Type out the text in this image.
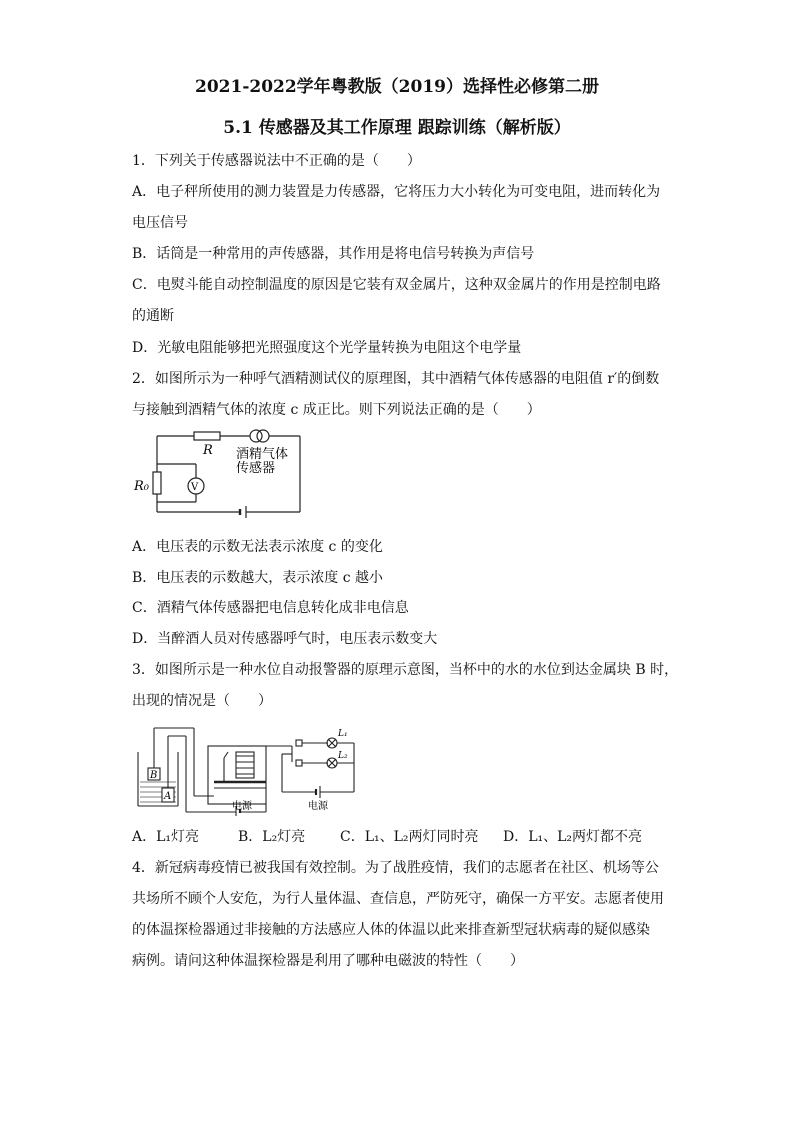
2021-2022学年粤教版（2019）选择性必修第二册
5.1 传感器及其工作原理 跟踪训练（解析版）
1．下列关于传感器说法中不正确的是（　　）
A．电子秤所使用的测力装置是力传感器，它将压力大小转化为可变电阻，进而转化为
电压信号
B．话筒是一种常用的声传感器，其作用是将电信号转换为声信号
C．电熨斗能自动控制温度的原因是它装有双金属片，这种双金属片的作用是控制电路
的通断
D．光敏电阻能够把光照强度这个光学量转换为电阻这个电学量
2．如图所示为一种呼气酒精测试仪的原理图，其中酒精气体传感器的电阻值 r′的倒数
与接触到酒精气体的浓度 c 成正比。则下列说法正确的是（　　）
R 酒精气体
传感器
R₀	V
A．电压表的示数无法表示浓度 c 的变化
B．电压表的示数越大，表示浓度 c 越小
C．酒精气体传感器把电信息转化成非电信息
D．当醉酒人员对传感器呼气时，电压表示数变大
3．如图所示是一种水位自动报警器的原理示意图，当杯中的水的水位到达金属块 B 时，
出现的情况是（　　）
B
A
电源	电源
L₁
L₂
A．L₁灯亮	B．L₂灯亮 C．L₁、L₂两灯同时亮 D．L₁、L₂两灯都不亮
4．新冠病毒疫情已被我国有效控制。为了战胜疫情，我们的志愿者在社区、机场等公
共场所不顾个人安危，为行人量体温、查信息，严防死守，确保一方平安。志愿者使用
的体温探检器通过非接触的方法感应人体的体温以此来排查新型冠状病毒的疑似感染
病例。请问这种体温探检器是利用了哪种电磁波的特性（　　）
